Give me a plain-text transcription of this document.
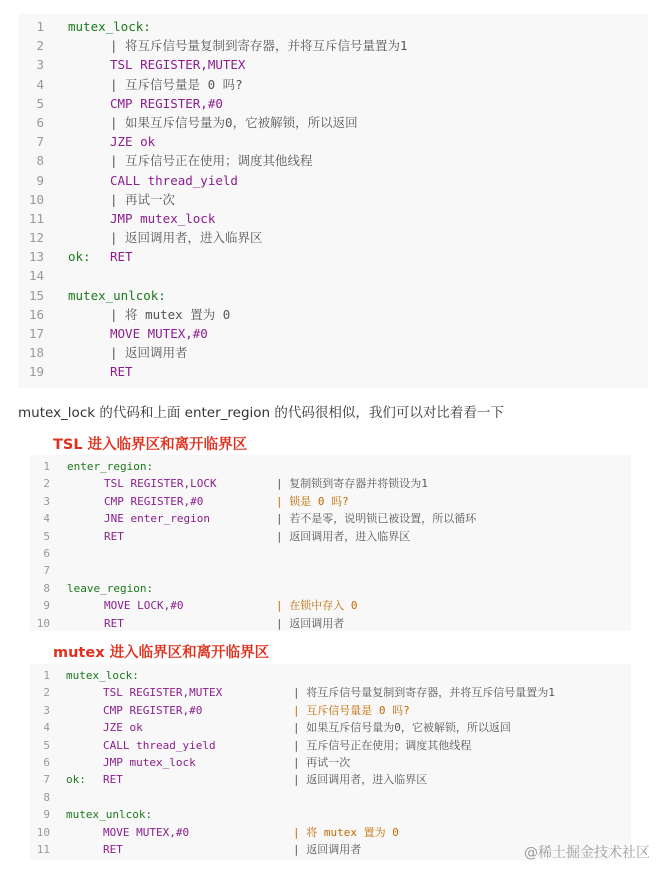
1 mutex_lock:
2	| 将互斥信号量复制到寄存器，并将互斥信号量置为1
3	TSL REGISTER,MUTEX
4	| 互斥信号量是 0 吗?
5	CMP REGISTER,#0
6	| 如果互斥信号量为0，它被解锁，所以返回
7	JZE ok
8	| 互斥信号正在使用；调度其他线程
9	CALL thread_yield
10	| 再试一次
11	JMP mutex_lock
12	| 返回调用者，进入临界区
13 ok: RET
14
15 mutex_unlcok:
16	| 将 mutex 置为 0
17	MOVE MUTEX,#0
18	| 返回调用者
19	RET
mutex_lock 的代码和上面 enter_region 的代码很相似，我们可以对比着看一下
TSL 进入临界区和离开临界区
1 enter_region:
2	TSL REGISTER,LOCK	| 复制锁到寄存器并将锁设为1
3	CMP REGISTER,#0	| 锁是 0 吗?
4	JNE enter_region	| 若不是零，说明锁已被设置，所以循环
5	RET	| 返回调用者，进入临界区
6
7
8 leave_region:
9	MOVE LOCK,#0	| 在锁中存入 0
10	RET	| 返回调用者
mutex 进入临界区和离开临界区
1 mutex_lock:
2	TSL REGISTER,MUTEX	| 将互斥信号量复制到寄存器，并将互斥信号量置为1
3	CMP REGISTER,#0	| 互斥信号量是 0 吗?
4	JZE ok	| 如果互斥信号量为0，它被解锁，所以返回
5	CALL thread_yield	| 互斥信号正在使用；调度其他线程
6	JMP mutex_lock	| 再试一次
7 ok: RET	| 返回调用者，进入临界区
8
9 mutex_unlcok:
10	MOVE MUTEX,#0	| 将 mutex 置为 0
11	RET	| 返回调用者	@稀土掘金技术社区
